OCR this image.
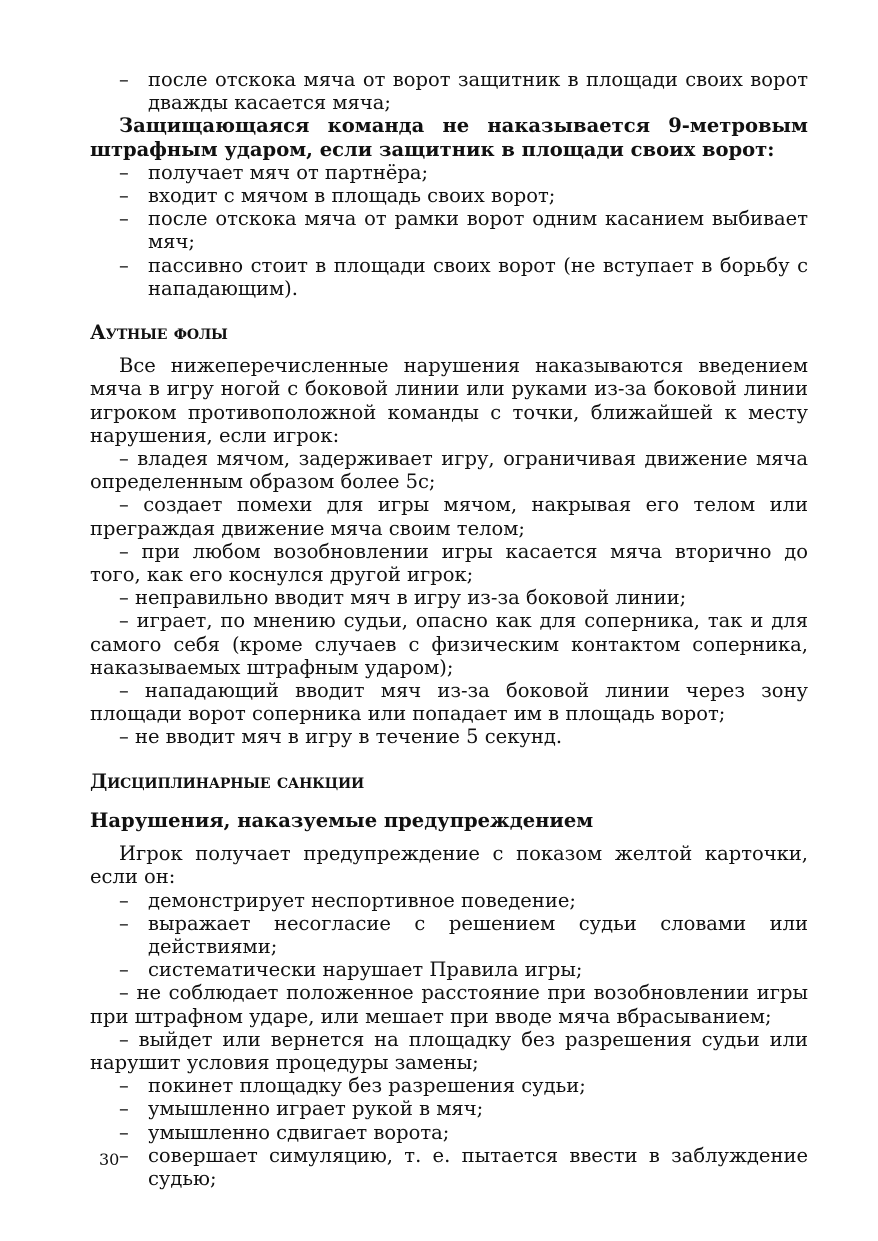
– после отскока мяча от ворот защитник в площади своих ворот дважды касается мяча;
Защищающаяся команда не наказывается 9-метровым штрафным ударом, если защитник в площади своих ворот:
– получает мяч от партнёра;
– входит с мячом в площадь своих ворот;
– после отскока мяча от рамки ворот одним касанием выбивает мяч;
– пассивно стоит в площади своих ворот (не вступает в борьбу с нападающим).
Аутные фолы
Все нижеперечисленные нарушения наказываются введением мяча в игру ногой с боковой линии или руками из-за боковой линии игроком противоположной команды с точки, ближайшей к месту нарушения, если игрок:
– владея мячом, задерживает игру, ограничивая движение мяча определенным образом более 5с;
– создает помехи для игры мячом, накрывая его телом или преграждая движение мяча своим телом;
– при любом возобновлении игры касается мяча вторично до того, как его коснулся другой игрок;
– неправильно вводит мяч в игру из-за боковой линии;
– играет, по мнению судьи, опасно как для соперника, так и для самого себя (кроме случаев с физическим контактом соперника, наказываемых штрафным ударом);
– нападающий вводит мяч из-за боковой линии через зону площади ворот соперника или попадает им в площадь ворот;
– не вводит мяч в игру в течение 5 секунд.
Дисциплинарные санкции
Нарушения, наказуемые предупреждением
Игрок получает предупреждение с показом желтой карточки, если он:
– демонстрирует неспортивное поведение;
– выражает несогласие с решением судьи словами или действиями;
– систематически нарушает Правила игры;
– не соблюдает положенное расстояние при возобновлении игры при штрафном ударе, или мешает при вводе мяча вбрасыванием;
– выйдет или вернется на площадку без разрешения судьи или нарушит условия процедуры замены;
– покинет площадку без разрешения судьи;
– умышленно играет рукой в мяч;
– умышленно сдвигает ворота;
– совершает симуляцию, т. е. пытается ввести в заблуждение судью;
30
